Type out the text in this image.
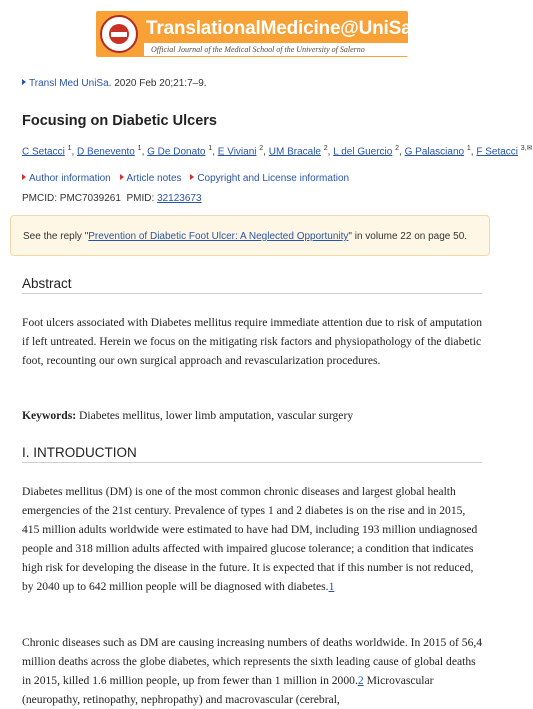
TranslationalMedicine@UniSa
Official Journal of the Medical School of the University of Salerno
Transl Med UniSa. 2020 Feb 20;21:7–9.
Focusing on Diabetic Ulcers
C Setacci $^1$, D Benevento $^1$, G De Donato $^1$, E Viviani $^2$, UM Bracale $^2$, L del Guercio $^2$, G Palasciano $^1$, F Setacci $^{3,✉}$
Author information Article notes Copyright and License information
PMCID: PMC7039261 PMID: 32123673
See the reply "Prevention of Diabetic Foot Ulcer: A Neglected Opportunity" in volume 22 on page 50.
Abstract
Foot ulcers associated with Diabetes mellitus require immediate attention due to risk of amputation if left untreated. Herein we focus on the mitigating risk factors and physiopathology of the diabetic foot, recounting our own surgical approach and revascularization procedures.
Keywords: Diabetes mellitus, lower limb amputation, vascular surgery
I. INTRODUCTION
Diabetes mellitus (DM) is one of the most common chronic diseases and largest global health emergencies of the 21st century. Prevalence of types 1 and 2 diabetes is on the rise and in 2015, 415 million adults worldwide were estimated to have had DM, including 193 million undiagnosed people and 318 million adults affected with impaired glucose tolerance; a condition that indicates high risk for developing the disease in the future. It is expected that if this number is not reduced, by 2040 up to 642 million people will be diagnosed with diabetes.1
Chronic diseases such as DM are causing increasing numbers of deaths worldwide. In 2015 of 56,4 million deaths across the globe diabetes, which represents the sixth leading cause of global deaths in 2015, killed 1.6 million people, up from fewer than 1 million in 2000.2 Microvascular (neuropathy, retinopathy, nephropathy) and macrovascular (cerebral,
